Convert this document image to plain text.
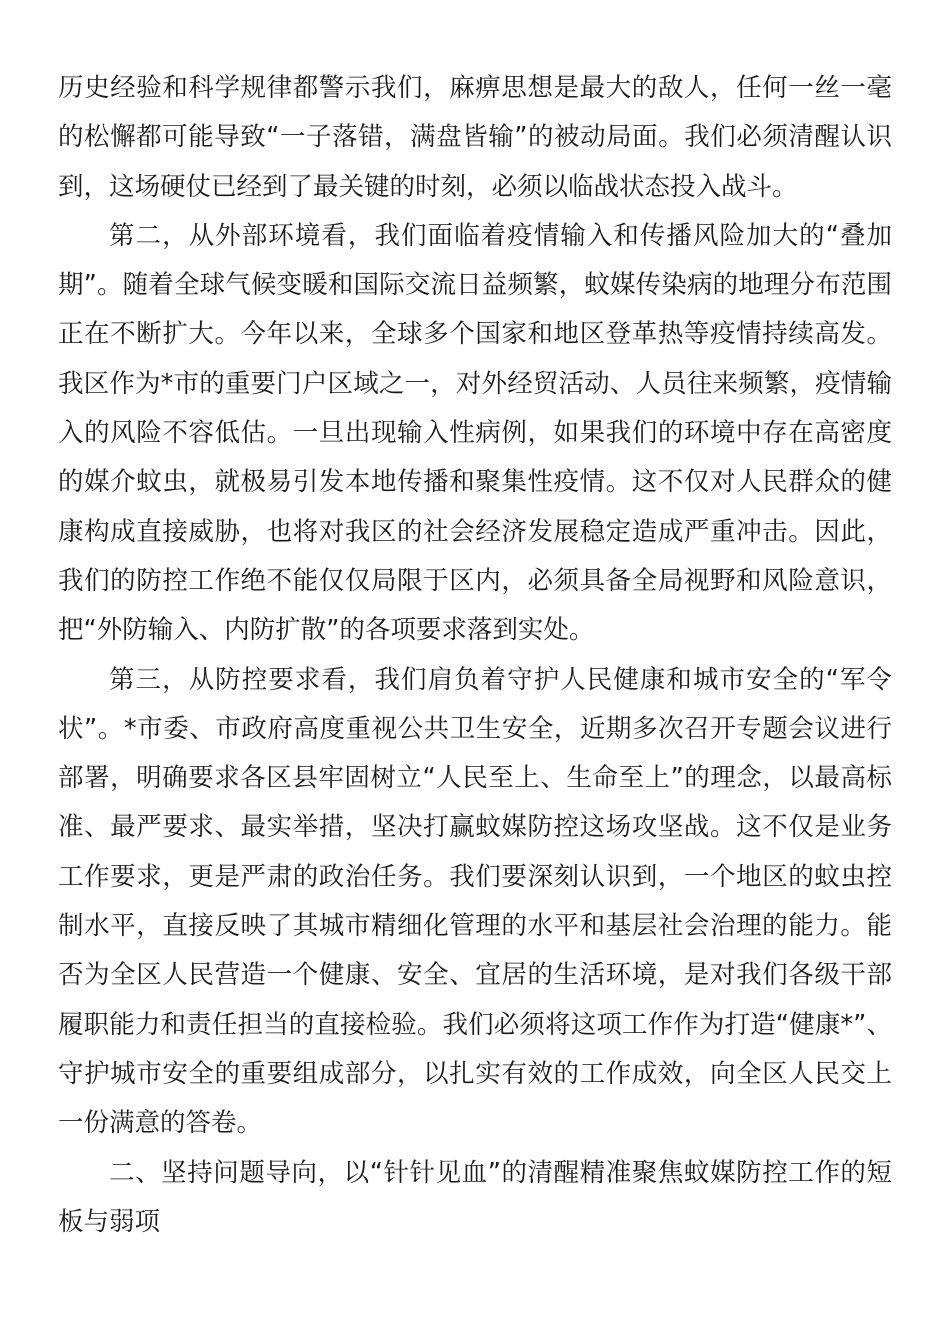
历史经验和科学规律都警示我们，麻痹思想是最大的敌人，任何一丝一毫的松懈都可能导致“一子落错，满盘皆输”的被动局面。我们必须清醒认识到，这场硬仗已经到了最关键的时刻，必须以临战状态投入战斗。

第二，从外部环境看，我们面临着疫情输入和传播风险加大的“叠加期”。随着全球气候变暖和国际交流日益频繁，蚊媒传染病的地理分布范围正在不断扩大。今年以来，全球多个国家和地区登革热等疫情持续高发。我区作为*市的重要门户区域之一，对外经贸活动、人员往来频繁，疫情输入的风险不容低估。一旦出现输入性病例，如果我们的环境中存在高密度的媒介蚊虫，就极易引发本地传播和聚集性疫情。这不仅对人民群众的健康构成直接威胁，也将对我区的社会经济发展稳定造成严重冲击。因此，我们的防控工作绝不能仅仅局限于区内，必须具备全局视野和风险意识，把“外防输入、内防扩散”的各项要求落到实处。

第三，从防控要求看，我们肩负着守护人民健康和城市安全的“军令状”。*市委、市政府高度重视公共卫生安全，近期多次召开专题会议进行部署，明确要求各区县牢固树立“人民至上、生命至上”的理念，以最高标准、最严要求、最实举措，坚决打赢蚊媒防控这场攻坚战。这不仅是业务工作要求，更是严肃的政治任务。我们要深刻认识到，一个地区的蚊虫控制水平，直接反映了其城市精细化管理的水平和基层社会治理的能力。能否为全区人民营造一个健康、安全、宜居的生活环境，是对我们各级干部履职能力和责任担当的直接检验。我们必须将这项工作作为打造“健康*”、守护城市安全的重要组成部分，以扎实有效的工作成效，向全区人民交上一份满意的答卷。

二、坚持问题导向，以“针针见血”的清醒精准聚焦蚊媒防控工作的短板与弱项
